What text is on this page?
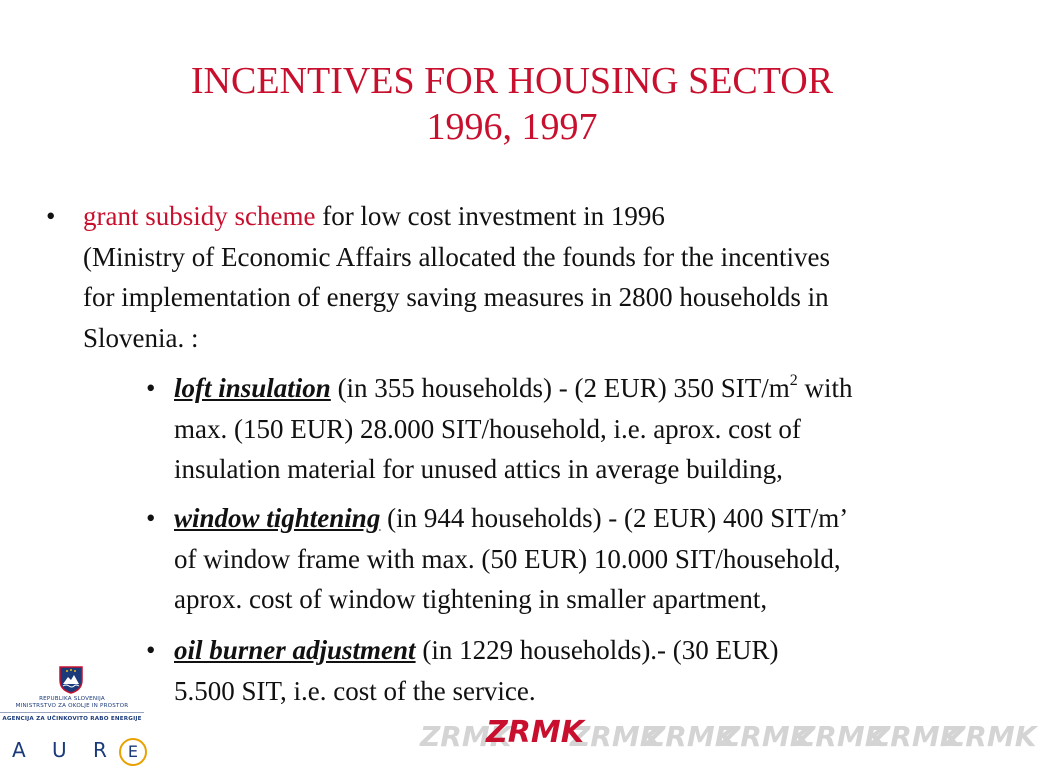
INCENTIVES FOR HOUSING SECTOR
1996, 1997
• grant subsidy scheme for low cost investment in 1996
(Ministry of Economic Affairs allocated the founds for the incentives
for implementation of energy saving measures in 2800 households in
Slovenia. :
• loft insulation (in 355 households) - (2 EUR) 350 SIT/$m^2$ with
max. (150 EUR) 28.000 SIT/household, i.e. aprox. cost of
insulation material for unused attics in average building,
• window tightening (in 944 households) - (2 EUR) 400 SIT/m’
of window frame with max. (50 EUR) 10.000 SIT/household,
aprox. cost of window tightening in smaller apartment,
• oil burner adjustment (in 1229 households).- (30 EUR)
5.500 SIT, i.e. cost of the service.
REPUBLIKA SLOVENIJA
MINISTRSTVO ZA OKOLJE IN PROSTOR
AGENCIJA ZA UČINKOVITO RABO ENERGIJE
A U R E	ZRMK ZRMK
ZRMK
ZRMK
ZRMK
ZRMK
ZRMK
ZRMK
